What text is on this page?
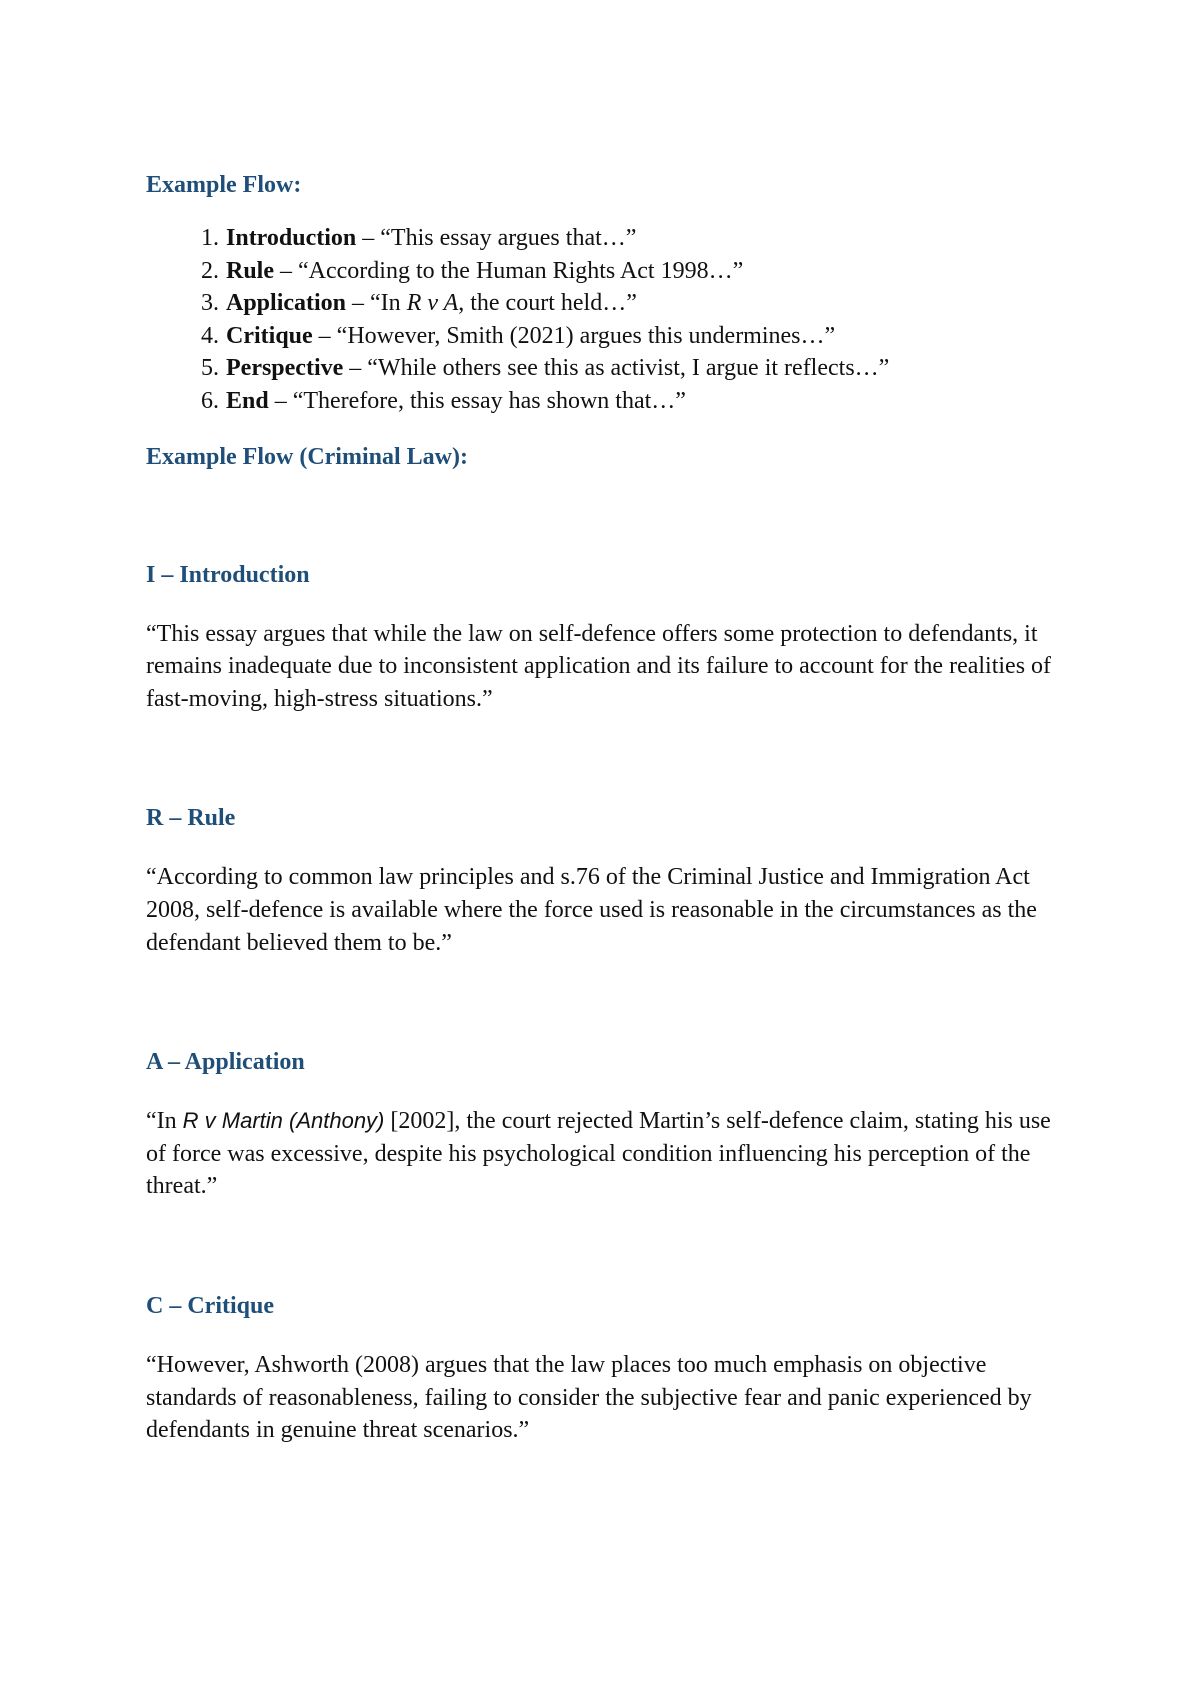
Example Flow:

1. Introduction – “This essay argues that…”
2. Rule – “According to the Human Rights Act 1998…”
3. Application – “In R v A, the court held…”
4. Critique – “However, Smith (2021) argues this undermines…”
5. Perspective – “While others see this as activist, I argue it reflects…”
6. End – “Therefore, this essay has shown that…”

Example Flow (Criminal Law):

I – Introduction

“This essay argues that while the law on self-defence offers some protection to defendants, it remains inadequate due to inconsistent application and its failure to account for the realities of fast-moving, high-stress situations.”

R – Rule

“According to common law principles and s.76 of the Criminal Justice and Immigration Act 2008, self-defence is available where the force used is reasonable in the circumstances as the defendant believed them to be.”

A – Application

“In R v Martin (Anthony) [2002], the court rejected Martin’s self-defence claim, stating his use of force was excessive, despite his psychological condition influencing his perception of the threat.”

C – Critique

“However, Ashworth (2008) argues that the law places too much emphasis on objective standards of reasonableness, failing to consider the subjective fear and panic experienced by defendants in genuine threat scenarios.”
